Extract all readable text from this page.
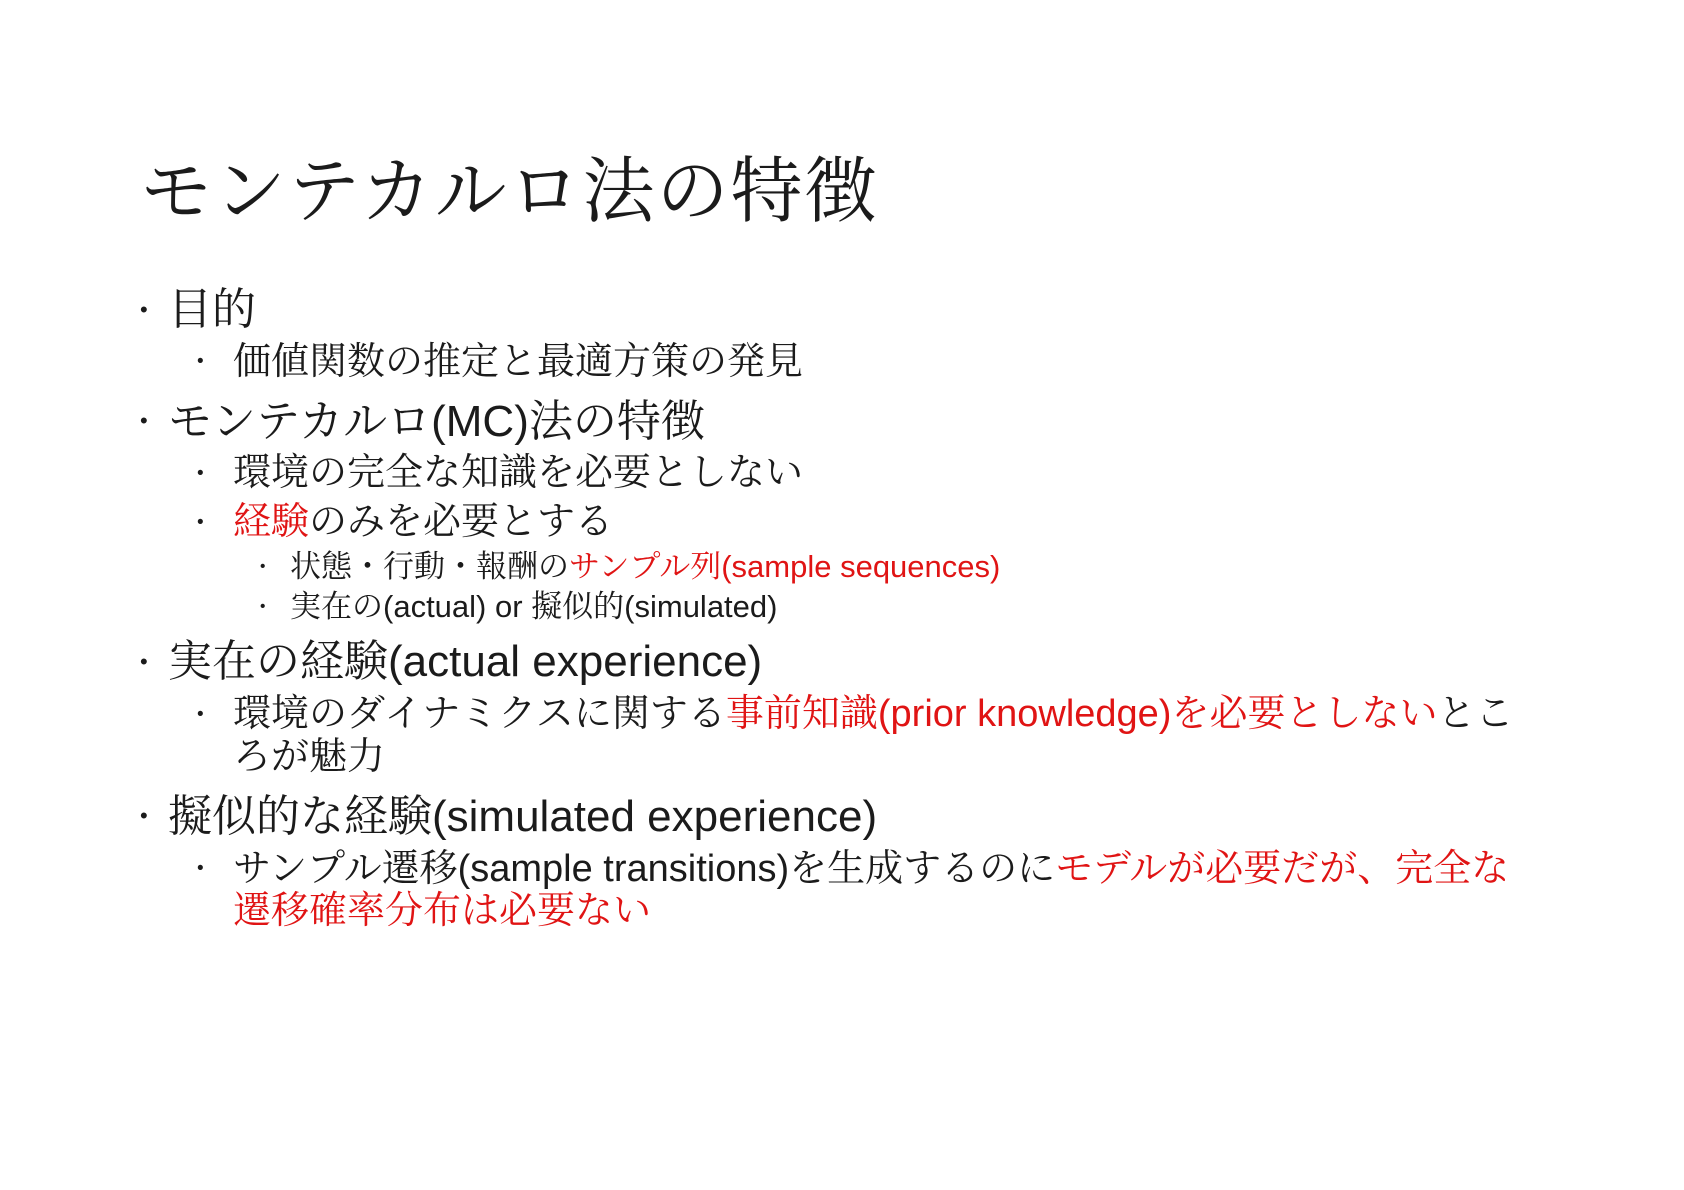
モンテカルロ法の特徴
• 目的
• 価値関数の推定と最適方策の発見
• モンテカルロ(MC)法の特徴
• 環境の完全な知識を必要としない
• 経験のみを必要とする
• 状態・行動・報酬のサンプル列(sample sequences)
• 実在の(actual) or 擬似的(simulated)
• 実在の経験(actual experience)
• 環境のダイナミクスに関する事前知識(prior knowledge)を必要としないところが魅力
• 擬似的な経験(simulated experience)
• サンプル遷移(sample transitions)を生成するのにモデルが必要だが、完全な遷移確率分布は必要ない
